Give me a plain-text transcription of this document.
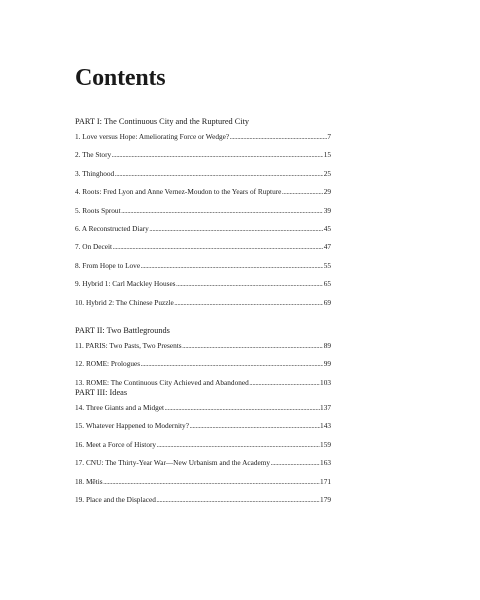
Contents
PART I: The Continuous City and the Ruptured City
1. Love versus Hope: Ameliorating Force or Wedge? .....	7
2. The Story .....	15
3. Thinghood .....	25
4. Roots: Fred Lyon and Anne Vernez-Moudon to the Years of Rupture .....	29
5. Roots Sprout .....	39
6. A Reconstructed Diary .....	45
7. On Deceit .....	47
8. From Hope to Love .....	55
9. Hybrid 1: Carl Mackley Houses .....	65
10. Hybrid 2: The Chinese Puzzle .....	69
PART II: Two Battlegrounds
11. PARIS: Two Pasts, Two Presents .....	89
12. ROME: Prologues .....	99
13. ROME: The Continuous City Achieved and Abandoned .....	103
PART III: Ideas
14. Three Giants and a Midget .....	137
15. Whatever Happened to Modernity? .....	143
16. Meet a Force of History .....	159
17. CNU: The Thirty-Year War—New Urbanism and the Academy .....	163
18. Mētis .....	171
19. Place and the Displaced .....	179
